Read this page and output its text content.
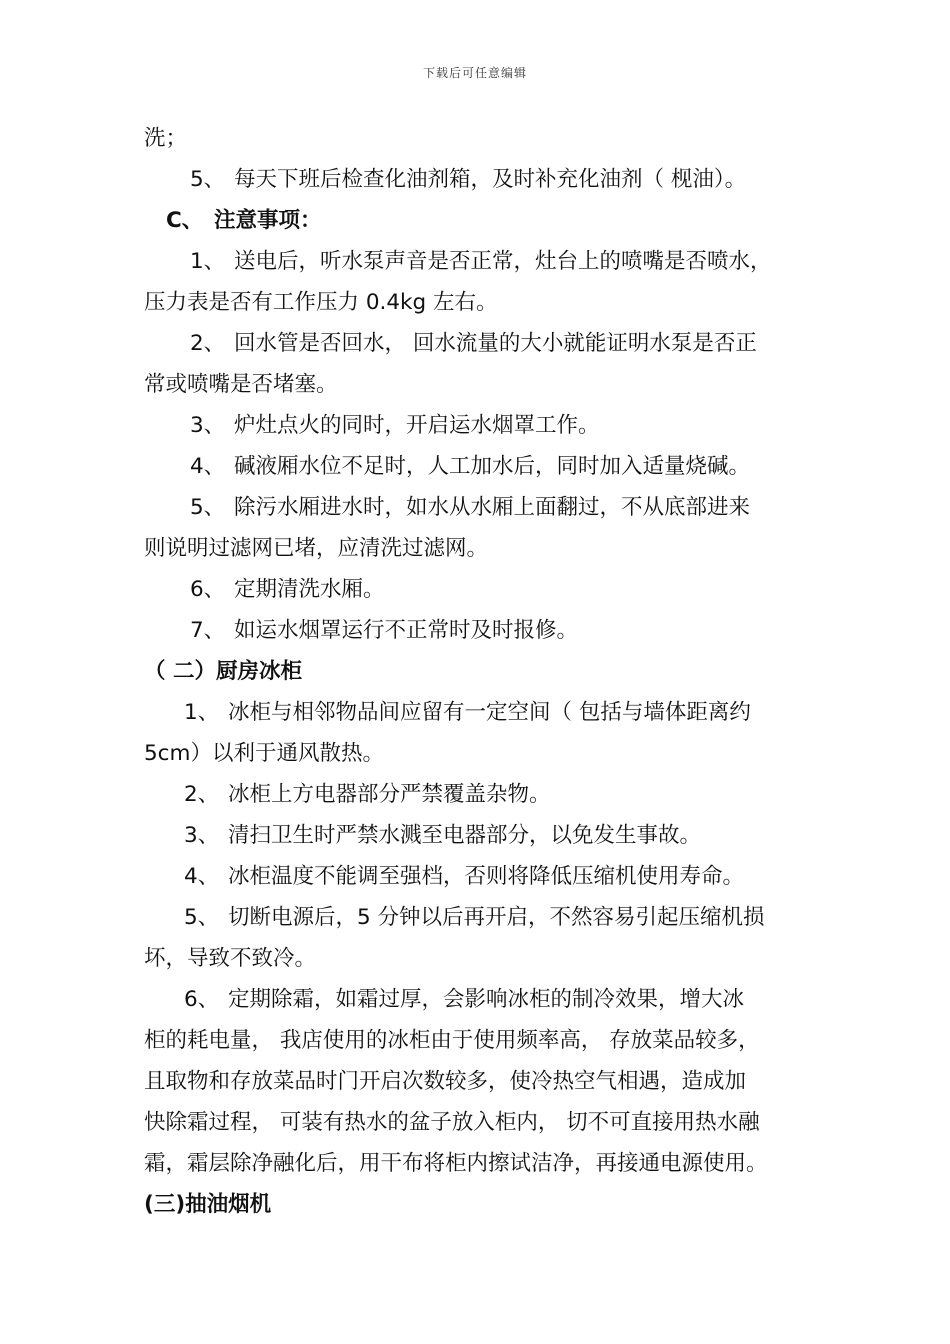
下载后可任意编辑
洗；
5、 每天下班后检查化油剂箱，及时补充化油剂（ 枧油）。
C、 注意事项：
1、 送电后，听水泵声音是否正常，灶台上的喷嘴是否喷水，
压力表是否有工作压力 0.4kg 左右。
2、 回水管是否回水， 回水流量的大小就能证明水泵是否正
常或喷嘴是否堵塞。
3、 炉灶点火的同时，开启运水烟罩工作。
4、 碱液厢水位不足时，人工加水后，同时加入适量烧碱。
5、 除污水厢进水时，如水从水厢上面翻过，不从底部进来
则说明过滤网已堵，应清洗过滤网。
6、 定期清洗水厢。
7、 如运水烟罩运行不正常时及时报修。
（ 二）厨房冰柜
1、 冰柜与相邻物品间应留有一定空间（ 包括与墙体距离约
5cm）以利于通风散热。
2、 冰柜上方电器部分严禁覆盖杂物。
3、 清扫卫生时严禁水溅至电器部分，以免发生事故。
4、 冰柜温度不能调至强档，否则将降低压缩机使用寿命。
5、 切断电源后，5 分钟以后再开启，不然容易引起压缩机损
坏，导致不致冷。
6、 定期除霜，如霜过厚，会影响冰柜的制冷效果，增大冰
柜的耗电量， 我店使用的冰柜由于使用频率高， 存放菜品较多，
且取物和存放菜品时门开启次数较多，使冷热空气相遇，造成加
快除霜过程， 可装有热水的盆子放入柜内， 切不可直接用热水融
霜，霜层除净融化后，用干布将柜内擦试洁净，再接通电源使用。
(三)抽油烟机
